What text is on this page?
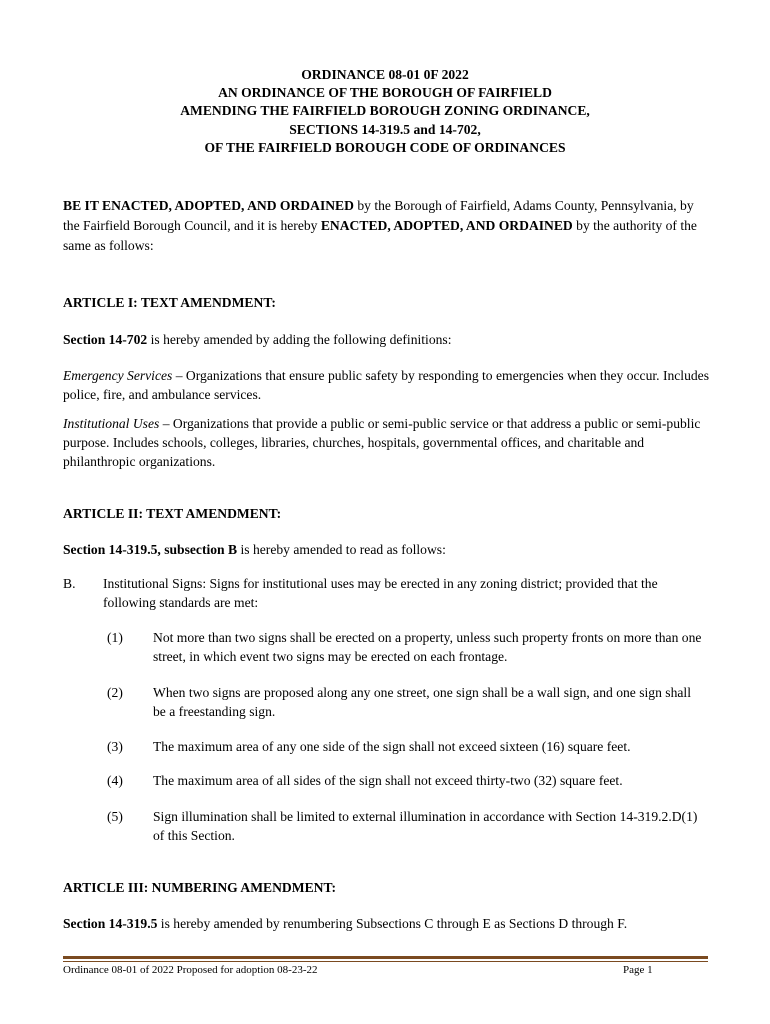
ORDINANCE 08-01 0F 2022
AN ORDINANCE OF THE BOROUGH OF FAIRFIELD
AMENDING THE FAIRFIELD BOROUGH ZONING ORDINANCE,
SECTIONS 14-319.5 and 14-702,
OF THE FAIRFIELD BOROUGH CODE OF ORDINANCES
BE IT ENACTED, ADOPTED, AND ORDAINED by the Borough of Fairfield, Adams County, Pennsylvania, by the Fairfield Borough Council, and it is hereby ENACTED, ADOPTED, AND ORDAINED by the authority of the same as follows:
ARTICLE I: TEXT AMENDMENT:
Section 14-702 is hereby amended by adding the following definitions:
Emergency Services – Organizations that ensure public safety by responding to emergencies when they occur. Includes police, fire, and ambulance services.
Institutional Uses – Organizations that provide a public or semi-public service or that address a public or semi-public purpose. Includes schools, colleges, libraries, churches, hospitals, governmental offices, and charitable and philanthropic organizations.
ARTICLE II: TEXT AMENDMENT:
Section 14-319.5, subsection B is hereby amended to read as follows:
B. Institutional Signs: Signs for institutional uses may be erected in any zoning district; provided that the following standards are met:
(1) Not more than two signs shall be erected on a property, unless such property fronts on more than one street, in which event two signs may be erected on each frontage.
(2) When two signs are proposed along any one street, one sign shall be a wall sign, and one sign shall be a freestanding sign.
(3) The maximum area of any one side of the sign shall not exceed sixteen (16) square feet.
(4) The maximum area of all sides of the sign shall not exceed thirty-two (32) square feet.
(5) Sign illumination shall be limited to external illumination in accordance with Section 14-319.2.D(1) of this Section.
ARTICLE III: NUMBERING AMENDMENT:
Section 14-319.5 is hereby amended by renumbering Subsections C through E as Sections D through F.
Ordinance 08-01 of 2022 Proposed for adoption 08-23-22	Page 1
